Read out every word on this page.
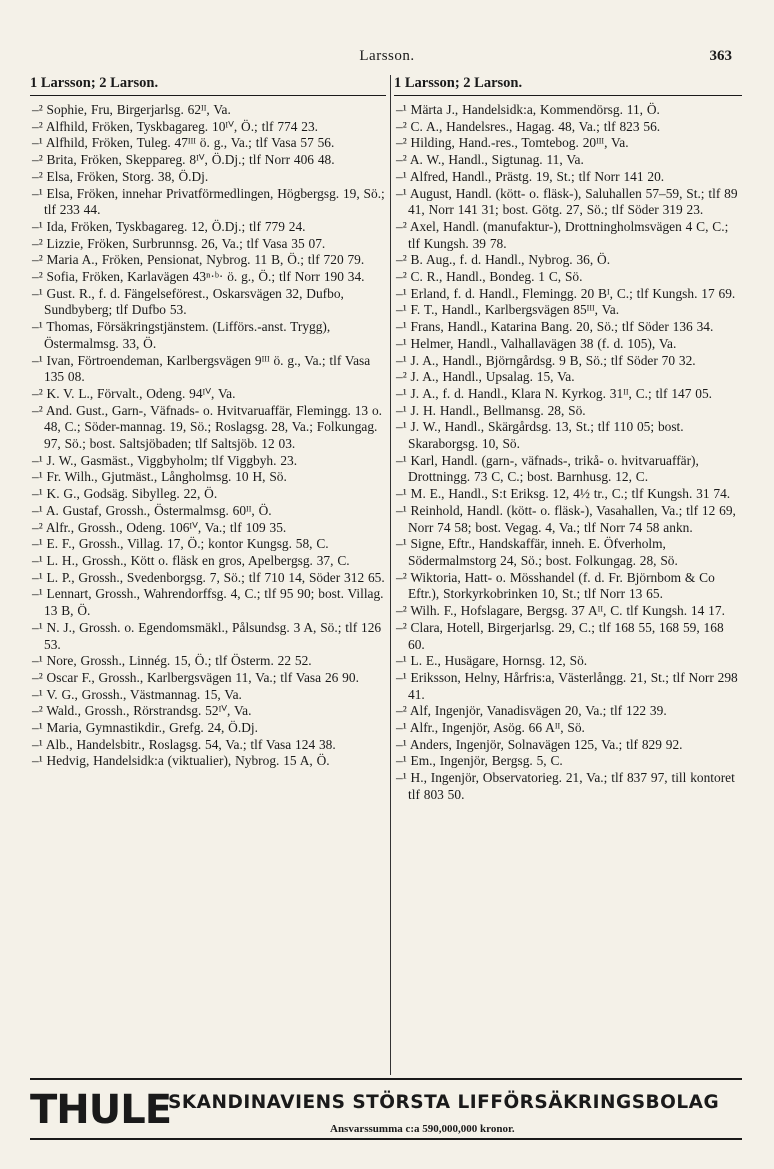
Larsson.	363
1 Larsson; 2 Larson.	1 Larsson; 2 Larson.

–² Sophie, Fru, Birgerjarlsg. 62ᴵᴵ, Va.

–² Alfhild, Fröken, Tyskbagareg. 10ᴵⱽ, Ö.; tlf 774 23.

–¹ Alfhild, Fröken, Tuleg. 47ᴵᴵᴵ ö. g., Va.; tlf Vasa 57 56.

–² Brita, Fröken, Skeppareg. 8ᴵⱽ, Ö.Dj.; tlf Norr 406 48.

–² Elsa, Fröken, Storg. 38, Ö.Dj.

–¹ Elsa, Fröken, innehar Privatförmedlingen, Högbergsg. 19, Sö.; tlf 233 44.

–¹ Ida, Fröken, Tyskbagareg. 12, Ö.Dj.; tlf 779 24.

–² Lizzie, Fröken, Surbrunnsg. 26, Va.; tlf Vasa 35 07.

–² Maria A., Fröken, Pensionat, Nybrog. 11 B, Ö.; tlf 720 79.

–² Sofia, Fröken, Karlavägen 43ⁿ·ᵇ· ö. g., Ö.; tlf Norr 190 34.

–¹ Gust. R., f. d. Fängelseförest., Oskarsvägen 32, Dufbo, Sundbyberg; tlf Dufbo 53.

–¹ Thomas, Försäkringstjänstem. (Lifförs.-anst. Trygg), Östermalmsg. 33, Ö.

–¹ Ivan, Förtroendeman, Karlbergsvägen 9ᴵᴵᴵ ö. g., Va.; tlf Vasa 135 08.

–² K. V. L., Förvalt., Odeng. 94ᴵⱽ, Va.

–² And. Gust., Garn-, Väfnads- o. Hvitvaruaffär, Flemingg. 13 o. 48, C.; Söder-mannag. 19, Sö.; Roslagsg. 28, Va.; Folkungag. 97, Sö.; bost. Saltsjöbaden; tlf Saltsjöb. 12 03.

–¹ J. W., Gasmäst., Viggbyholm; tlf Viggbyh. 23.

–¹ Fr. Wilh., Gjutmäst., Långholmsg. 10 H, Sö.

–¹ K. G., Godsäg. Sibylleg. 22, Ö.

–¹ A. Gustaf, Grossh., Östermalmsg. 60ᴵᴵ, Ö.

–² Alfr., Grossh., Odeng. 106ᴵⱽ, Va.; tlf 109 35.

–¹ E. F., Grossh., Villag. 17, Ö.; kontor Kungsg. 58, C.

–¹ L. H., Grossh., Kött o. fläsk en gros, Apelbergsg. 37, C.

–¹ L. P., Grossh., Svedenborgsg. 7, Sö.; tlf 710 14, Söder 312 65.

–¹ Lennart, Grossh., Wahrendorffsg. 4, C.; tlf 95 90; bost. Villag. 13 B, Ö.

–¹ N. J., Grossh. o. Egendomsmäkl., Pålsundsg. 3 A, Sö.; tlf 126 53.

–¹ Nore, Grossh., Linnég. 15, Ö.; tlf Österm. 22 52.

–² Oscar F., Grossh., Karlbergsvägen 11, Va.; tlf Vasa 26 90.

–¹ V. G., Grossh., Västmannag. 15, Va.

–² Wald., Grossh., Rörstrandsg. 52ᴵⱽ, Va.

–¹ Maria, Gymnastikdir., Grefg. 24, Ö.Dj.

–¹ Alb., Handelsbitr., Roslagsg. 54, Va.; tlf Vasa 124 38.

–¹ Hedvig, Handelsidk:a (viktualier), Nybrog. 15 A, Ö.

–¹ Märta J., Handelsidk:a, Kommendörsg. 11, Ö.

–² C. A., Handelsres., Hagag. 48, Va.; tlf 823 56.

–² Hilding, Hand.-res., Tomtebog. 20ᴵᴵᴵ, Va.

–² A. W., Handl., Sigtunag. 11, Va.

–¹ Alfred, Handl., Prästg. 19, St.; tlf Norr 141 20.

–¹ August, Handl. (kött- o. fläsk-), Saluhallen 57–59, St.; tlf 89 41, Norr 141 31; bost. Götg. 27, Sö.; tlf Söder 319 23.

–² Axel, Handl. (manufaktur-), Drottningholmsvägen 4 C, C.; tlf Kungsh. 39 78.

–² B. Aug., f. d. Handl., Nybrog. 36, Ö.

–² C. R., Handl., Bondeg. 1 C, Sö.

–¹ Erland, f. d. Handl., Flemingg. 20 Bᴵ, C.; tlf Kungsh. 17 69.

–¹ F. T., Handl., Karlbergsvägen 85ᴵᴵᴵ, Va.

–¹ Frans, Handl., Katarina Bang. 20, Sö.; tlf Söder 136 34.

–¹ Helmer, Handl., Valhallavägen 38 (f. d. 105), Va.

–¹ J. A., Handl., Björngårdsg. 9 B, Sö.; tlf Söder 70 32.

–² J. A., Handl., Upsalag. 15, Va.

–¹ J. A., f. d. Handl., Klara N. Kyrkog. 31ᴵᴵ, C.; tlf 147 05.

–¹ J. H. Handl., Bellmansg. 28, Sö.

–¹ J. W., Handl., Skärgårdsg. 13, St.; tlf 110 05; bost. Skaraborgsg. 10, Sö.

–¹ Karl, Handl. (garn-, väfnads-, trikå- o. hvitvaruaffär), Drottningg. 73 C, C.; bost. Barnhusg. 12, C.

–¹ M. E., Handl., S:t Eriksg. 12, 4½ tr., C.; tlf Kungsh. 31 74.

–¹ Reinhold, Handl. (kött- o. fläsk-), Vasahallen, Va.; tlf 12 69, Norr 74 58; bost. Vegag. 4, Va.; tlf Norr 74 58 ankn.

–¹ Signe, Eftr., Handskaffär, inneh. E. Öfverholm, Södermalmstorg 24, Sö.; bost. Folkungag. 28, Sö.

–² Wiktoria, Hatt- o. Mösshandel (f. d. Fr. Björnbom & Co Eftr.), Storkyrkobrinken 10, St.; tlf Norr 13 65.

–² Wilh. F., Hofslagare, Bergsg. 37 Aᴵᴵ, C. tlf Kungsh. 14 17.

–² Clara, Hotell, Birgerjarlsg. 29, C.; tlf 168 55, 168 59, 168 60.

–¹ L. E., Husägare, Hornsg. 12, Sö.

–¹ Eriksson, Helny, Hårfris:a, Västerlångg. 21, St.; tlf Norr 298 41.

–² Alf, Ingenjör, Vanadisvägen 20, Va.; tlf 122 39.

–¹ Alfr., Ingenjör, Asög. 66 Aᴵᴵ, Sö.

–¹ Anders, Ingenjör, Solnavägen 125, Va.; tlf 829 92.

–¹ Em., Ingenjör, Bergsg. 5, C.

–¹ H., Ingenjör, Observatorieg. 21, Va.; tlf 837 97, till kontoret tlf 803 50.

THULE
SKANDINAVIENS STÖRSTA LIFFÖRSÄKRINGSBOLAG
Ansvarssumma c:a 590,000,000 kronor.
